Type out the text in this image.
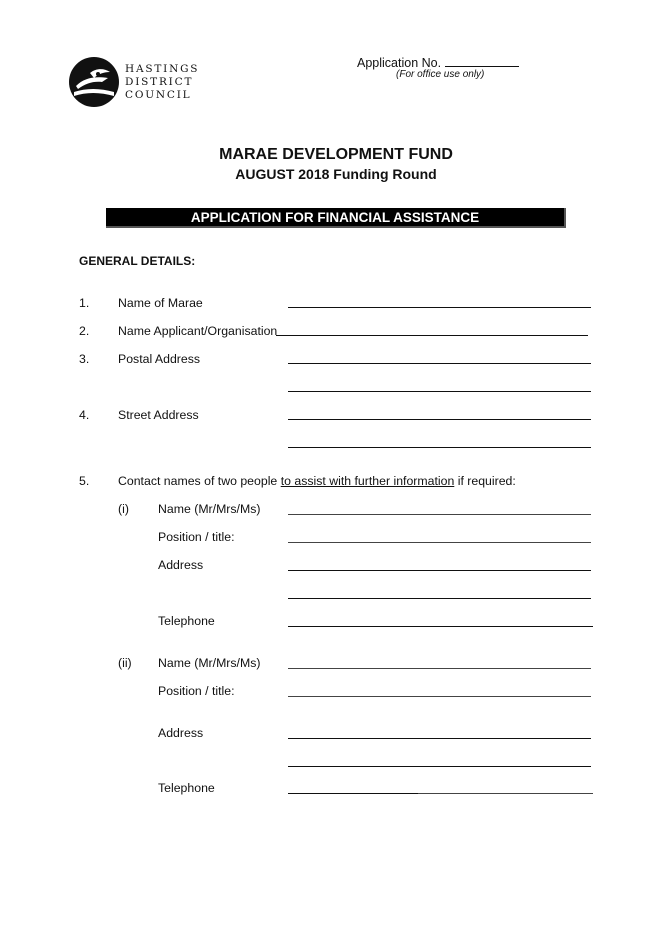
HASTINGS
DISTRICT
COUNCIL
Application No.
(For office use only)
MARAE DEVELOPMENT FUND
AUGUST 2018 Funding Round
APPLICATION FOR FINANCIAL ASSISTANCE
GENERAL DETAILS:
1. Name of Marae
2. Name Applicant/Organisation
3. Postal Address
4. Street Address
5. Contact names of two people to assist with further information if required:
(i) Name (Mr/Mrs/Ms)
Position / title:
Address
Telephone
(ii) Name (Mr/Mrs/Ms)
Position / title:
Address
Telephone
